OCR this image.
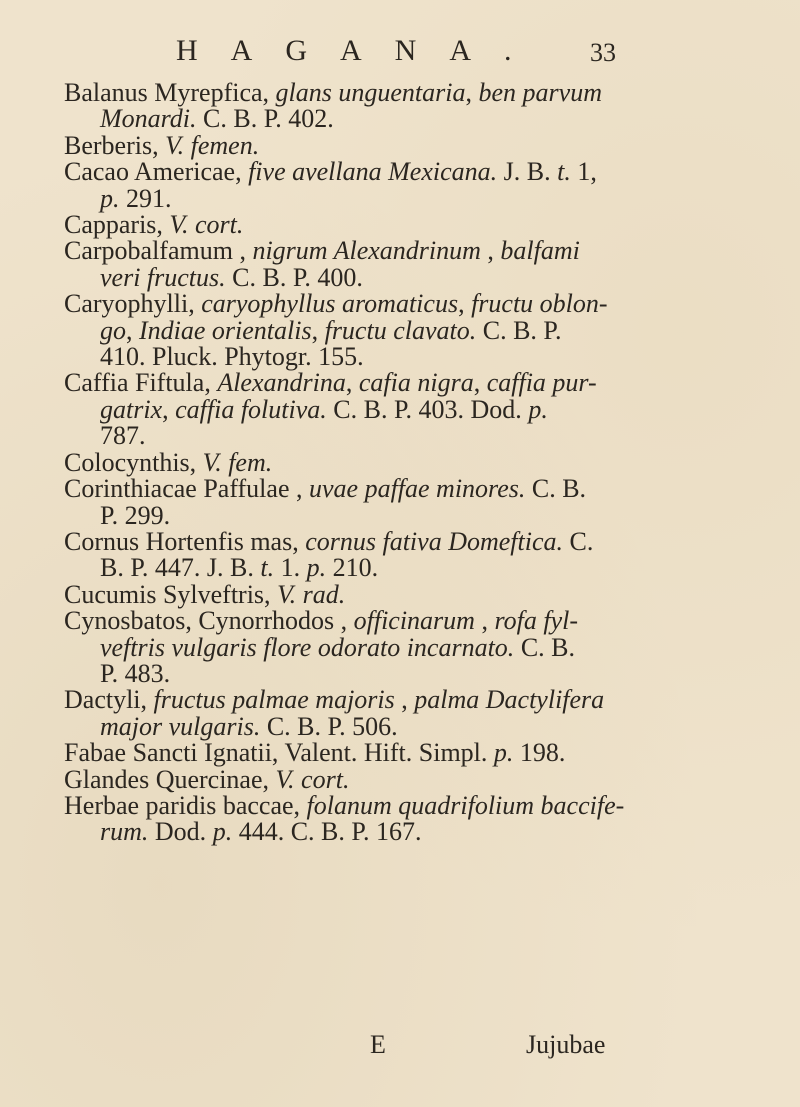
HAGANA. 33
Balanus Myrepfica, glans unguentaria, ben parvum
Monardi. C. B. P. 402.
Berberis, V. femen.
Cacao Americae, five avellana Mexicana. J. B. t. 1,
p. 291.
Capparis, V. cort.
Carpobalfamum , nigrum Alexandrinum , balfami
veri fructus. C. B. P. 400.
Caryophylli, caryophyllus aromaticus, fructu oblon-
go, Indiae orientalis, fructu clavato. C. B. P.
410. Pluck. Phytogr. 155.
Caffia Fiftula, Alexandrina, cafia nigra, caffia pur-
gatrix, caffia folutiva. C. B. P. 403. Dod. p.
787.
Colocynthis, V. fem.
Corinthiacae Paffulae , uvae paffae minores. C. B.
P. 299.
Cornus Hortenfis mas, cornus fativa Domeftica. C.
B. P. 447. J. B. t. 1. p. 210.
Cucumis Sylveftris, V. rad.
Cynosbatos, Cynorrhodos , officinarum , rofa fyl-
veftris vulgaris flore odorato incarnato. C. B.
P. 483.
Dactyli, fructus palmae majoris , palma Dactylifera
major vulgaris. C. B. P. 506.
Fabae Sancti Ignatii, Valent. Hift. Simpl. p. 198.
Glandes Quercinae, V. cort.
Herbae paridis baccae, folanum quadrifolium baccife-
rum. Dod. p. 444. C. B. P. 167.
E	Jujubae
